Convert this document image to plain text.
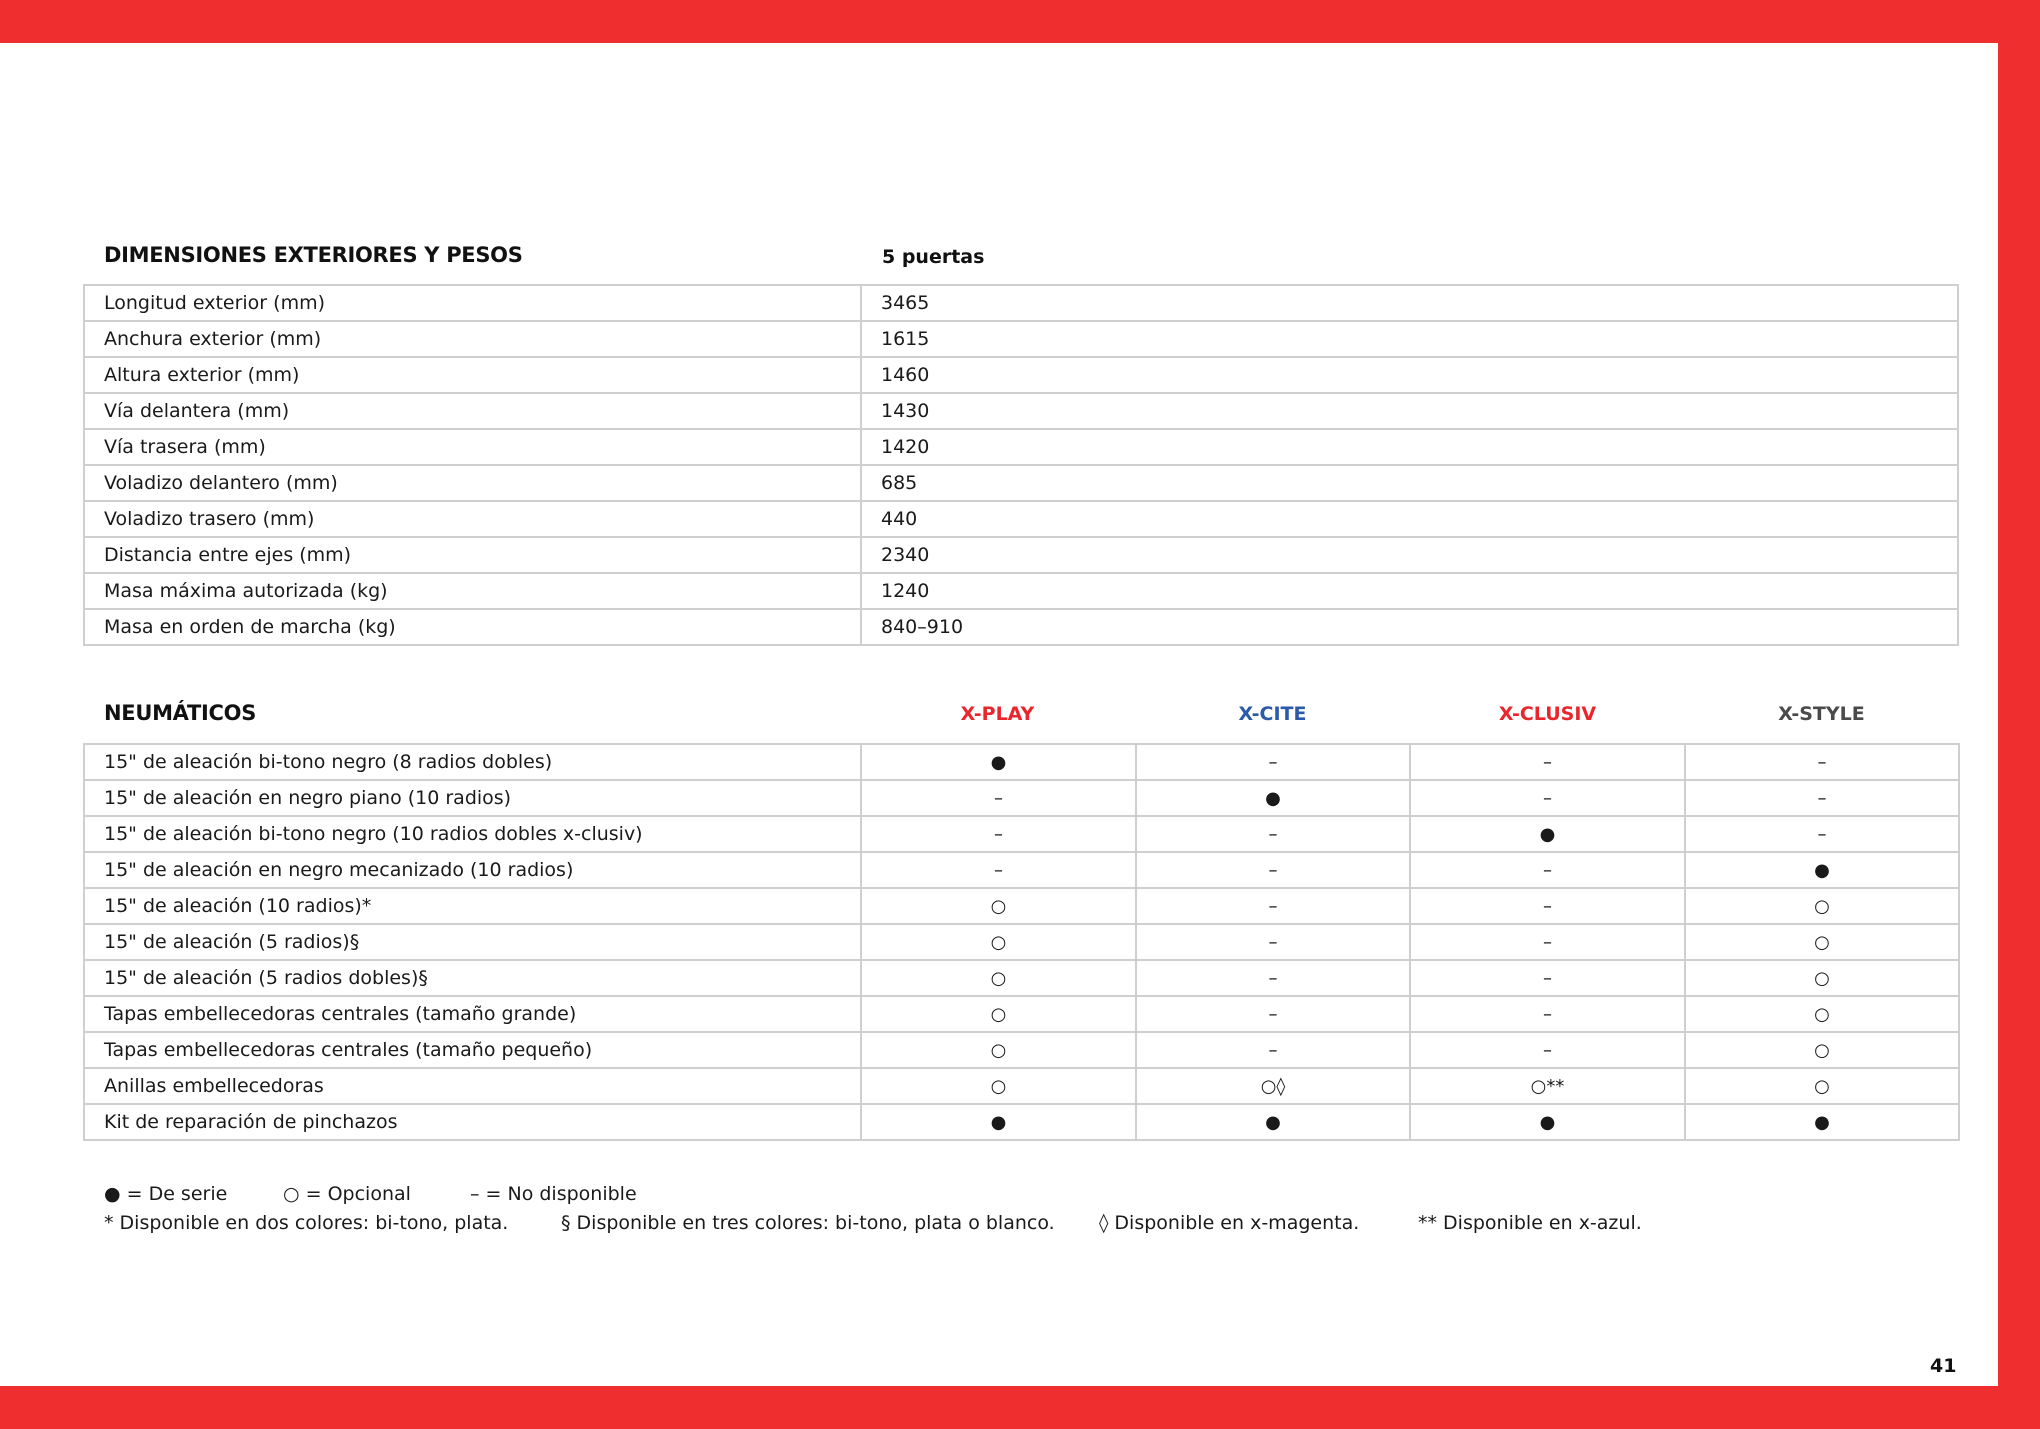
DIMENSIONES EXTERIORES Y PESOS	5 puertas
Longitud exterior (mm)	3465
Anchura exterior (mm)	1615
Altura exterior (mm)	1460
Vía delantera (mm)	1430
Vía trasera (mm)	1420
Voladizo delantero (mm)	685
Voladizo trasero (mm)	440
Distancia entre ejes (mm)	2340
Masa máxima autorizada (kg)	1240
Masa en orden de marcha (kg)	840–910
NEUMÁTICOS	X-PLAY	X-CITE	X-CLUSIV	X-STYLE
15" de aleación bi-tono negro (8 radios dobles)	●	–	–	–
15" de aleación en negro piano (10 radios)	–	●	–	–
15" de aleación bi-tono negro (10 radios dobles x-clusiv)	–	–	●	–
15" de aleación en negro mecanizado (10 radios)	–	–	–	●
15" de aleación (10 radios)*	○	–	–	○
15" de aleación (5 radios)§	○	–	–	○
15" de aleación (5 radios dobles)§	○	–	–	○
Tapas embellecedoras centrales (tamaño grande)	○	–	–	○
Tapas embellecedoras centrales (tamaño pequeño)	○	–	–	○
Anillas embellecedoras	○	○◊	○**	○
Kit de reparación de pinchazos	●	●	●	●
● = De serie	○ = Opcional	– = No disponible
* Disponible en dos colores: bi-tono, plata.	§ Disponible en tres colores: bi-tono, plata o blanco. ◊ Disponible en x-magenta.	** Disponible en x-azul.
41
